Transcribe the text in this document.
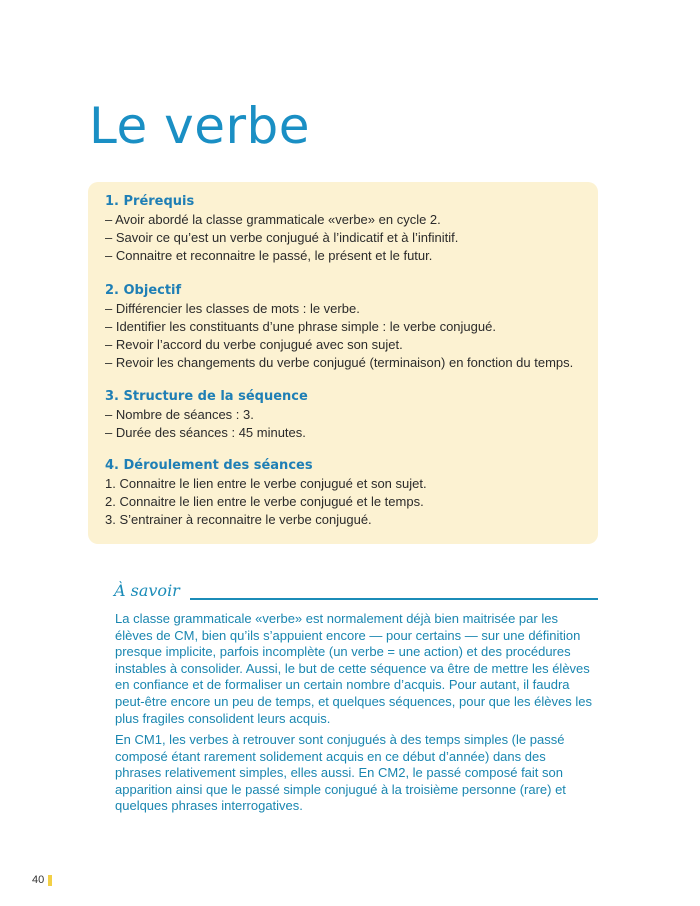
Le verbe

1. Prérequis

– Avoir abordé la classe grammaticale «verbe» en cycle 2.

– Savoir ce qu’est un verbe conjugué à l’indicatif et à l’infinitif.

– Connaitre et reconnaitre le passé, le présent et le futur.

2. Objectif

– Différencier les classes de mots : le verbe.

– Identifier les constituants d’une phrase simple : le verbe conjugué.

– Revoir l’accord du verbe conjugué avec son sujet.

– Revoir les changements du verbe conjugué (terminaison) en fonction du temps.

3. Structure de la séquence

– Nombre de séances : 3.

– Durée des séances : 45 minutes.

4. Déroulement des séances

1. Connaitre le lien entre le verbe conjugué et son sujet.

2. Connaitre le lien entre le verbe conjugué et le temps.

3. S’entrainer à reconnaitre le verbe conjugué.

À savoir

La classe grammaticale «verbe» est normalement déjà bien maitrisée par les élèves de CM, bien qu’ils s’appuient encore — pour certains — sur une définition presque implicite, parfois incomplète (un verbe = une action) et des procédures instables à consolider. Aussi, le but de cette séquence va être de mettre les élèves en confiance et de formaliser un certain nombre d’acquis. Pour autant, il faudra peut-être encore un peu de temps, et quelques séquences, pour que les élèves les plus fragiles consolident leurs acquis.

En CM1, les verbes à retrouver sont conjugués à des temps simples (le passé composé étant rarement solidement acquis en ce début d’année) dans des phrases relativement simples, elles aussi. En CM2, le passé composé fait son apparition ainsi que le passé simple conjugué à la troisième personne (rare) et quelques phrases interrogatives.

40
